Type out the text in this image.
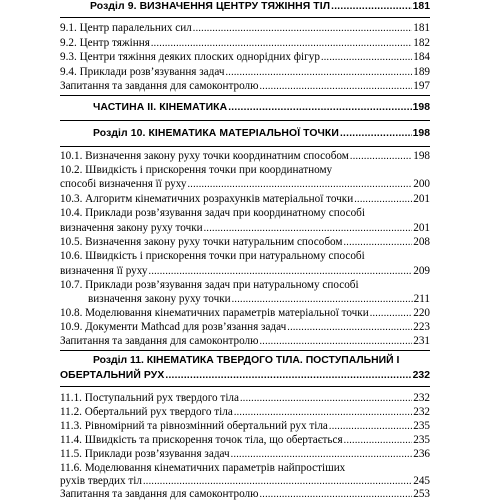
Розділ 9. ВИЗНАЧЕННЯ ЦЕНТРУ ТЯЖІННЯ ТІЛ .....	181
9.1. Центр паралельних сил .....	181
9.2. Центр тяжіння .....	182
9.3. Центри тяжіння деяких плоских однорідних фігур .....	184
9.4. Приклади розв’язування задач .....	189
Запитання та завдання для самоконтролю .....	197
ЧАСТИНА ІІ. КІНЕМАТИКА .....	198
Розділ 10. КІНЕМАТИКА МАТЕРІАЛЬНОЇ ТОЧКИ .....	198
10.1. Визначення закону руху точки координатним способом .....	198
10.2. Швидкість і прискорення точки при координатному
способі визначення її руху .....	200
10.3. Алгоритм кінематичних розрахунків матеріальної точки .....	201
10.4. Приклади розв’язування задач при координатному способі
визначення закону руху точки .....	201
10.5. Визначення закону руху точки натуральним способом .....	208
10.6. Швидкість і прискорення точки при натуральному способі
визначення її руху .....	209
10.7. Приклади розв’язування задач при натуральному способі
визначення закону руху точки .....	211
10.8. Моделювання кінематичних параметрів матеріальної точки .....	220
10.9. Документи Mathcad для розв’язання задач .....	223
Запитання та завдання для самоконтролю .....	231
Розділ 11. КІНЕМАТИКА ТВЕРДОГО ТІЛА. ПОСТУПАЛЬНИЙ І
ОБЕРТАЛЬНИЙ РУХ .....	232
11.1. Поступальний рух твердого тіла .....	232
11.2. Обертальний рух твердого тіла .....	232
11.3. Рівномірний та рівнозмінний обертальний рух тіла .....	235
11.4. Швидкість та прискорення точок тіла, що обертається .....	235
11.5. Приклади розв’язування задач .....	236
11.6. Моделювання кінематичних параметрів найпростіших
рухів твердих тіл .....	245
Запитання та завдання для самоконтролю .....	253
